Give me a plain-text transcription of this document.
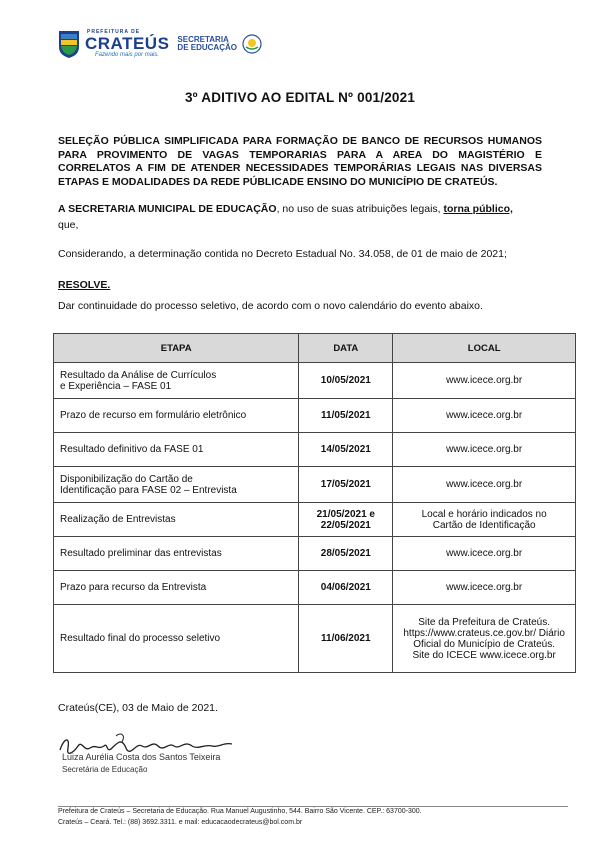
PREFEITURA DE
CRATEÚS
Fazendo mais por mais.
SECRETARIA
DE EDUCAÇÃO
3º ADITIVO AO EDITAL Nº 001/2021
SELEÇÃO PÚBLICA SIMPLIFICADA PARA FORMAÇÃO DE BANCO DE RECURSOS HUMANOS PARA PROVIMENTO DE VAGAS TEMPORARIAS PARA A AREA DO MAGISTÉRIO E CORRELATOS A FIM DE ATENDER NECESSIDADES TEMPORÁRIAS LEGAIS NAS DIVERSAS ETAPAS E MODALIDADES DA REDE PÚBLICADE ENSINO DO MUNICÍPIO DE CRATEÚS.
A SECRETARIA MUNICIPAL DE EDUCAÇÃO, no uso de suas atribuições legais, torna público,
que,
Considerando, a determinação contida no Decreto Estadual No. 34.058, de 01 de maio de 2021;
RESOLVE.
Dar continuidade do processo seletivo, de acordo com o novo calendário do evento abaixo.
ETAPA	DATA	LOCAL
Resultado da Análise de Currículos
e Experiência – FASE 01	10/05/2021	www.icece.org.br
Prazo de recurso em formulário eletrônico	11/05/2021	www.icece.org.br
Resultado definitivo da FASE 01	14/05/2021	www.icece.org.br
Disponibilização do Cartão de
Identificação para FASE 02 – Entrevista	17/05/2021	www.icece.org.br
Realização de Entrevistas	21/05/2021 e
22/05/2021	Local e horário indicados no
Cartão de Identificação
Resultado preliminar das entrevistas	28/05/2021	www.icece.org.br
Prazo para recurso da Entrevista	04/06/2021	www.icece.org.br
Resultado final do processo seletivo	11/06/2021	Site da Prefeitura de Crateús.
https://www.crateus.ce.gov.br/ Diário
Oficial do Município de Crateús.
Site do ICECE www.icece.org.br
Crateús(CE), 03 de Maio de 2021.
Luiza Aurélia Costa dos Santos Teixeira
Secretária de Educação
Prefeitura de Crateús – Secretaria de Educação. Rua Manuel Augustinho, 544. Bairro São Vicente. CEP.: 63700-300.
Crateús – Ceará. Tel.: (88) 3692.3311. e mail: educacaodecrateus@bol.com.br
